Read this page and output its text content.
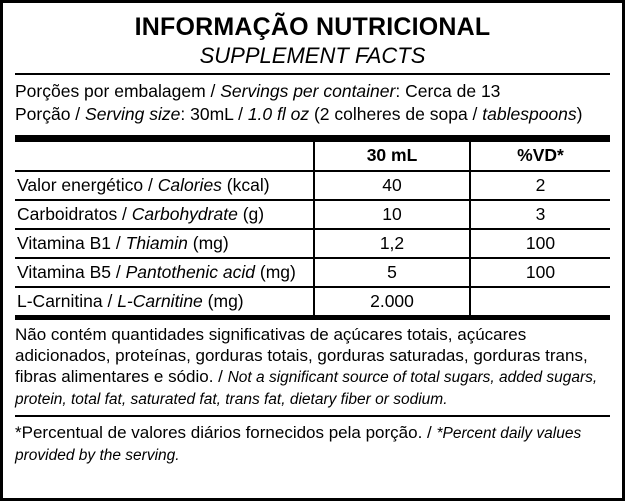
INFORMAÇÃO NUTRICIONAL
SUPPLEMENT FACTS
Porções por embalagem / Servings per container: Cerca de 13
Porção / Serving size: 30mL / 1.0 fl oz (2 colheres de sopa / tablespoons)
	30 mL	%VD*
Valor energético / Calories (kcal)	40	2
Carboidratos / Carbohydrate (g)	10	3
Vitamina B1 / Thiamin (mg)	1,2	100
Vitamina B5 / Pantothenic acid (mg)	5	100
L-Carnitina / L-Carnitine (mg)	2.000	
Não contém quantidades significativas de açúcares totais, açúcares adicionados, proteínas, gorduras totais, gorduras saturadas, gorduras trans, fibras alimentares e sódio. / Not a significant source of total sugars, added sugars, protein, total fat, saturated fat, trans fat, dietary fiber or sodium.
*Percentual de valores diários fornecidos pela porção. / *Percent daily values provided by the serving.
